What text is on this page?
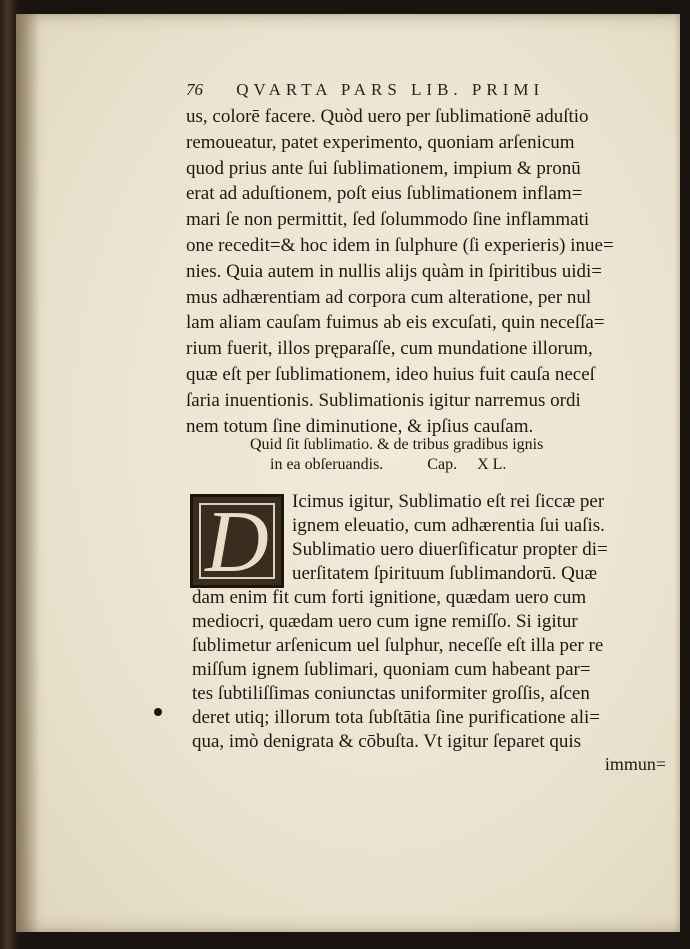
76 QVARTA PARS LIB. PRIMI
us, colorē facere. Quòd uero per ſublimationē aduſtio
remoueatur, patet experimento, quoniam arſenicum
quod prius ante ſui ſublimationem, impium & pronū
erat ad aduſtionem, poſt eius ſublimationem inflam=
mari ſe non permittit, ſed ſolummodo ſine inflammati
one recedit=& hoc idem in ſulphure (ſi experieris) inue=
nies. Quia autem in nullis alijs quàm in ſpiritibus uidi=
mus adhærentiam ad corpora cum alteratione, per nul
lam aliam cauſam fuimus ab eis excuſati, quin neceſſa=
rium fuerit, illos pręparaſſe, cum mundatione illorum,
quæ eſt per ſublimationem, ideo huius fuit cauſa neceſ
ſaria inuentionis. Sublimationis igitur narremus ordi
nem totum ſine diminutione, & ipſius cauſam.
Quid ſit ſublimatio. & de tribus gradibus ignis
in ea obſeruandis.           Cap.     X L.
D	Icimus igitur, Sublimatio eſt rei ſiccæ per
ignem eleuatio, cum adhærentia ſui uaſis.
Sublimatio uero diuerſificatur propter di=
uerſitatem ſpirituum ſublimandorū. Quæ
dam enim fit cum forti ignitione, quædam uero cum
mediocri, quædam uero cum igne remiſſo. Si igitur
ſublimetur arſenicum uel ſulphur, neceſſe eſt illa per re
miſſum ignem ſublimari, quoniam cum habeant par=
tes ſubtiliſſimas coniunctas uniformiter groſſis, aſcen
deret utiq; illorum tota ſubſtātia ſine purificatione ali=
qua, imò denigrata & cōbuſta. Vt igitur ſeparet quis
immun=
